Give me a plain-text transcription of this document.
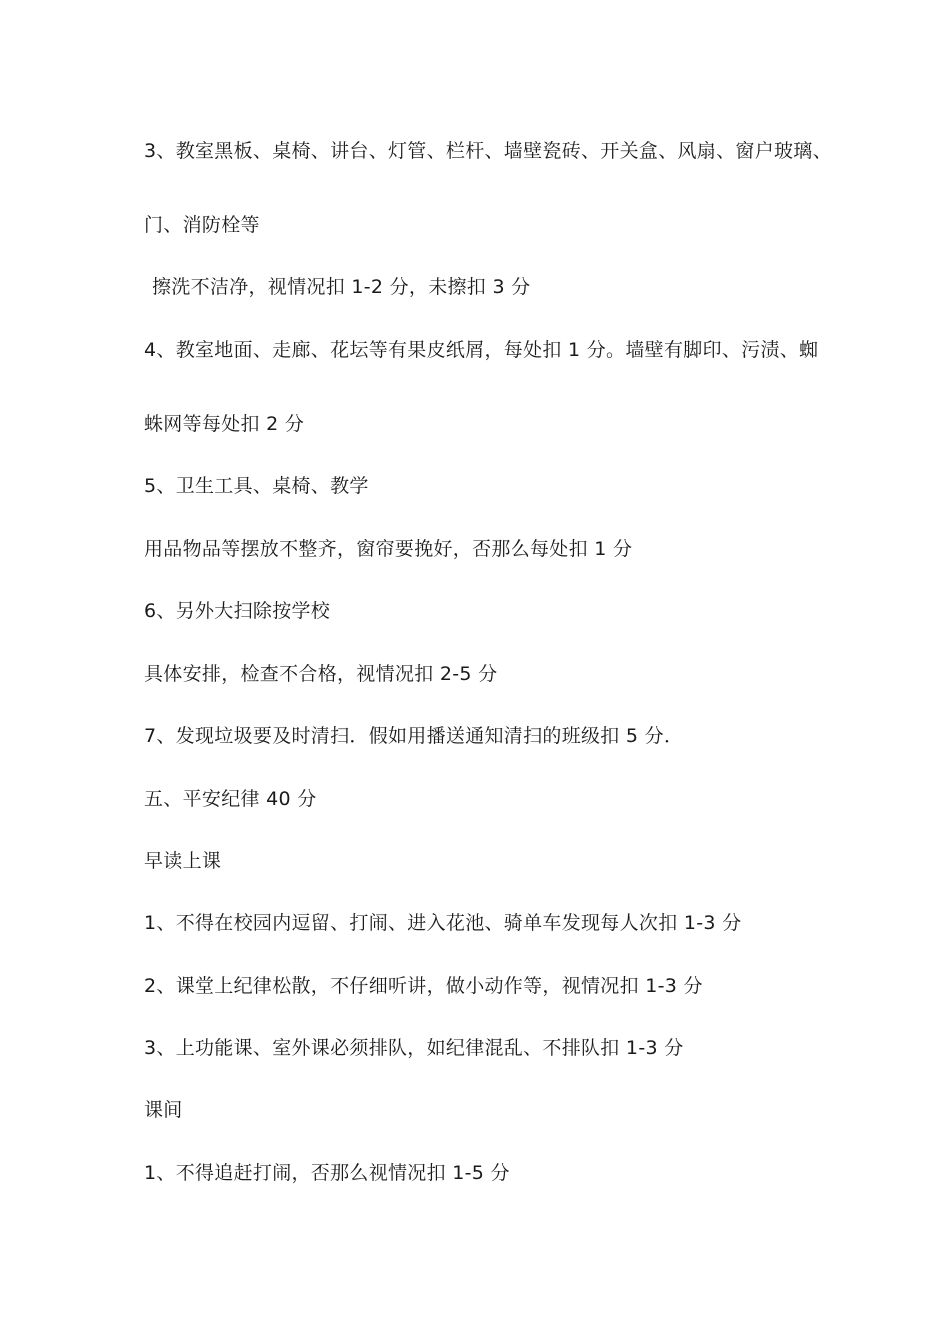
3、教室黑板、桌椅、讲台、灯管、栏杆、墙壁瓷砖、开关盒、风扇、窗户玻璃、
门、消防栓等
擦洗不洁净，视情况扣 1-2 分，未擦扣 3 分
4、教室地面、走廊、花坛等有果皮纸屑，每处扣 1 分。墙壁有脚印、污渍、蜘
蛛网等每处扣 2 分
5、卫生工具、桌椅、教学
用品物品等摆放不整齐，窗帘要挽好，否那么每处扣 1 分
6、另外大扫除按学校
具体安排，检查不合格，视情况扣 2-5 分
7、发现垃圾要及时清扫．假如用播送通知清扫的班级扣 5 分．
五、平安纪律 40 分
早读上课
1、不得在校园内逗留、打闹、进入花池、骑单车发现每人次扣 1-3 分
2、课堂上纪律松散，不仔细听讲，做小动作等，视情况扣 1-3 分
3、上功能课、室外课必须排队，如纪律混乱、不排队扣 1-3 分
课间
1、不得追赶打闹，否那么视情况扣 1-5 分
